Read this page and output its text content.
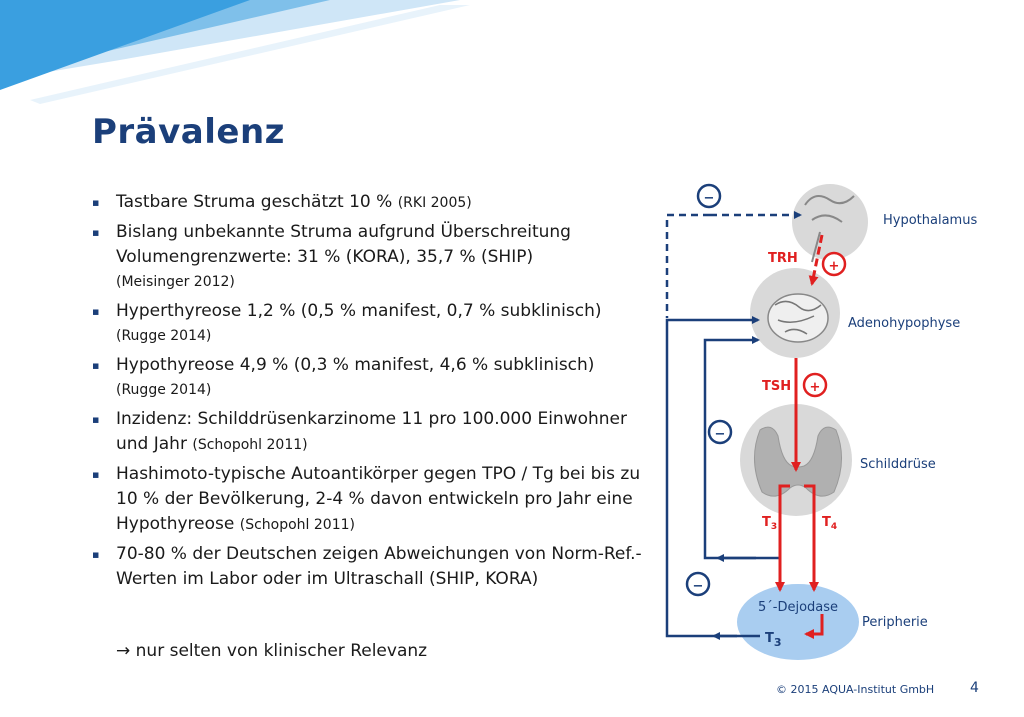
Prävalenz
▪ Tastbare Struma geschätzt 10 % (RKI 2005)
▪ Bislang unbekannte Struma aufgrund Überschreitung Volumengrenzwerte: 31 % (KORA), 35,7 % (SHIP)
(Meisinger 2012)
▪ Hyperthyreose 1,2 % (0,5 % manifest, 0,7 % subklinisch)
(Rugge 2014)
▪ Hypothyreose 4,9 % (0,3 % manifest, 4,6 % subklinisch)
(Rugge 2014)
▪ Inzidenz: Schilddrüsenkarzinome 11 pro 100.000 Einwohner und Jahr (Schopohl 2011)
▪ Hashimoto-typische Autoantikörper gegen TPO / Tg bei bis zu 10 % der Bevölkerung, 2-4 % davon entwickeln pro Jahr eine Hypothyreose (Schopohl 2011)
▪ 70-80 % der Deutschen zeigen Abweichungen von Norm-Ref.-Werten im Labor oder im Ultraschall (SHIP, KORA)
→ nur selten von klinischer Relevanz
−
−
−
+
+
Hypothalamus
Adenohypophyse
Schilddrüse
Peripherie
5´-Dejodase
TRH
TSH
$T_3$	$T_4$
$T_3$
© 2015 AQUA-Institut GmbH	4
